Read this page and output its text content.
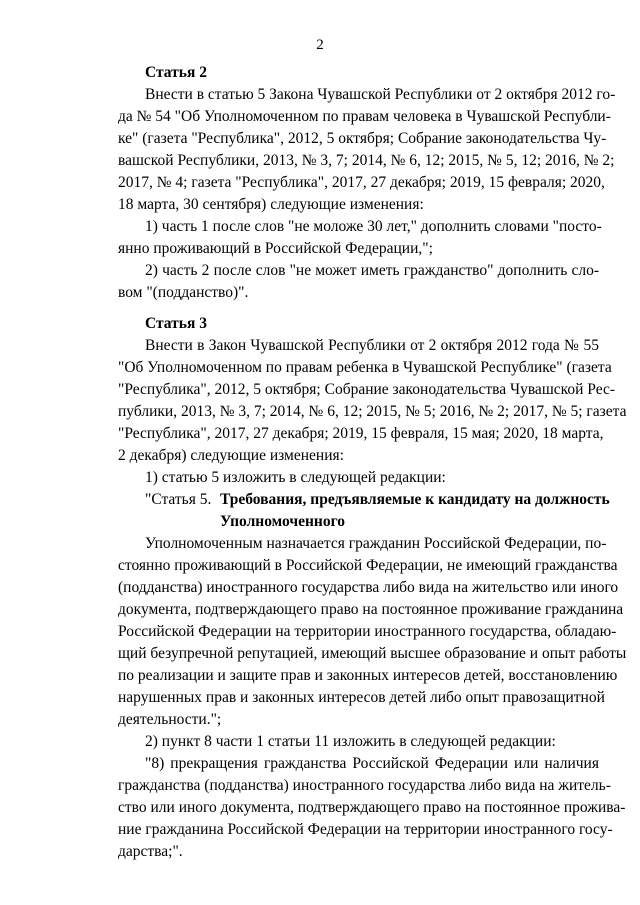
2
Статья 2
Внести в статью 5 Закона Чувашской Республики от 2 октября 2012 го-
да № 54 "Об Уполномоченном по правам человека в Чувашской Республи-
ке" (газета "Республика", 2012, 5 октября; Собрание законодательства Чу-
вашской Республики, 2013, № 3, 7; 2014, № 6, 12; 2015, № 5, 12; 2016, № 2;
2017, № 4; газета "Республика", 2017, 27 декабря; 2019, 15 февраля; 2020,
18 марта, 30 сентября) следующие изменения:
1) часть 1 после слов "не моложе 30 лет," дополнить словами "посто-
янно проживающий в Российской Федерации,";
2) часть 2 после слов "не может иметь гражданство" дополнить сло-
вом "(подданство)".
Статья 3
Внести в Закон Чувашской Республики от 2 октября 2012 года № 55
"Об Уполномоченном по правам ребенка в Чувашской Республике" (газета
"Республика", 2012, 5 октября; Собрание законодательства Чувашской Рес-
публики, 2013, № 3, 7; 2014, № 6, 12; 2015, № 5; 2016, № 2; 2017, № 5; газета
"Республика", 2017, 27 декабря; 2019, 15 февраля, 15 мая; 2020, 18 марта,
2 декабря) следующие изменения:
1) статью 5 изложить в следующей редакции:
"Статья 5. Требования, предъявляемые к кандидату на должность
Уполномоченного
Уполномоченным назначается гражданин Российской Федерации, по-
стоянно проживающий в Российской Федерации, не имеющий гражданства
(подданства) иностранного государства либо вида на жительство или иного
документа, подтверждающего право на постоянное проживание гражданина
Российской Федерации на территории иностранного государства, обладаю-
щий безупречной репутацией, имеющий высшее образование и опыт работы
по реализации и защите прав и законных интересов детей, восстановлению
нарушенных прав и законных интересов детей либо опыт правозащитной
деятельности.";
2) пункт 8 части 1 статьи 11 изложить в следующей редакции:
"8) прекращения гражданства Российской Федерации или наличия
гражданства (подданства) иностранного государства либо вида на житель-
ство или иного документа, подтверждающего право на постоянное прожива-
ние гражданина Российской Федерации на территории иностранного госу-
дарства;".
